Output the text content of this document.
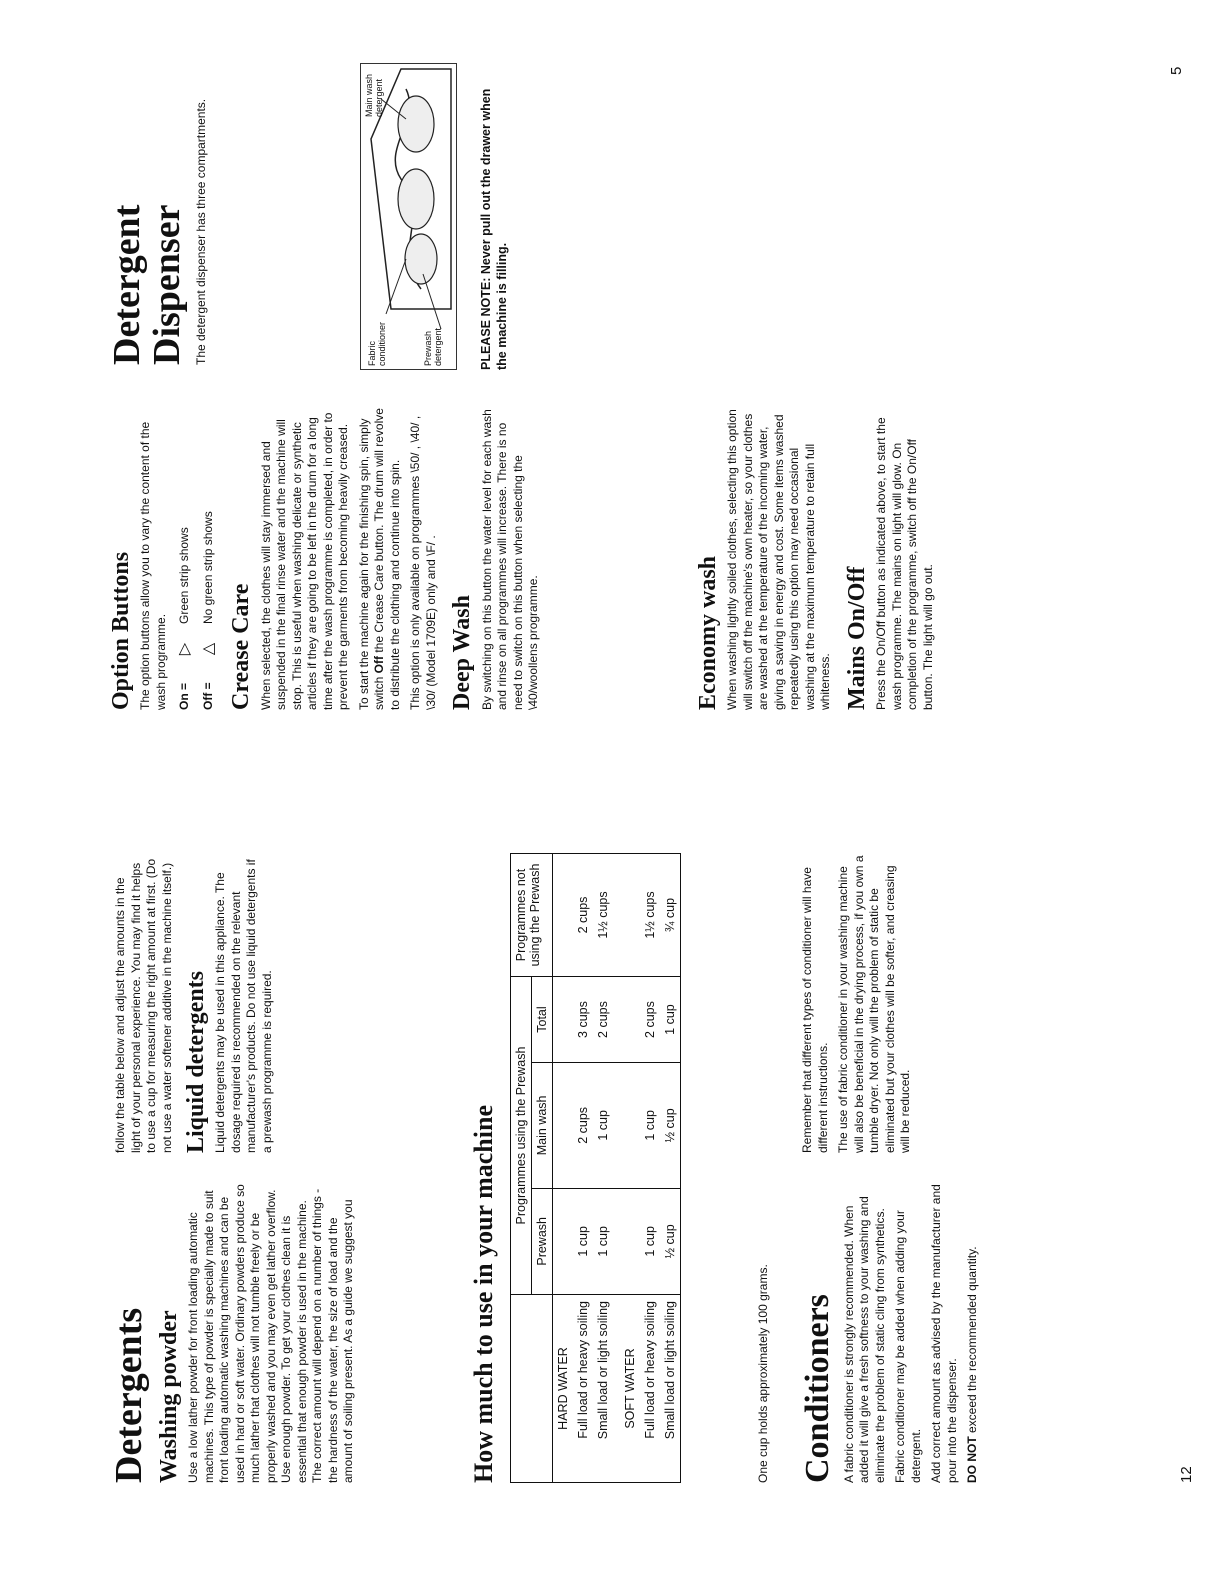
Detergents Washing powder Use a low lather powder for front loading automatic machines. This type of powder is specially made to suit front loading automatic washing machines and can be used in hard or soft water. Ordinary powders produce so much lather that clothes will not tumble freely or be properly washed and you may even get lather overflow. Use enough powder. To get your clothes clean it is essential that enough powder is used in the machine. The correct amount will depend on a number of things - the hardness of the water, the size of load and the amount of soiling present. As a guide we suggest you

follow the table below and adjust the amounts in the light of your personal experience. You may find it helps to use a cup for measuring the right amount at first. (Do not use a water softener additive in the machine itself.) Liquid detergents Liquid detergents may be used in this appliance. The dosage required is recommended on the relevant manufacturer's products. Do not use liquid detergents if a prewash programme is required.

How much to use in your machine
	Programmes using the Prewash			Programmes not using the Prewash
	Prewash	Main wash	Total	
HARD WATER				
Full load or heavy soiling	1 cup	2 cups	3 cups	2 cups
Small load or light soiling	1 cup	1 cup	2 cups	1½ cups
SOFT WATER				
Full load or heavy soiling	1 cup	1 cup	2 cups	1½ cups
Small load or light soiling	½ cup	½ cup	1 cup	¾ cup

One cup holds approximately 100 grams. Conditioners A fabric conditioner is strongly recommended. When added it will give a fresh softness to your washing and eliminate the problem of static cling from synthetics. Fabric conditioner may be added when adding your detergent. Add correct amount as advised by the manufacturer and pour into the dispenser. DO NOT exceed the recommended quantity.

Remember that different types of conditioner will have different instructions. The use of fabric conditioner in your washing machine will also be beneficial in the drying process, if you own a tumble dryer. Not only will the problem of static be eliminated but your clothes will be softer, and creasing will be reduced.

12
Option Buttons The option buttons allow you to vary the content of the wash programme. On =
▷
Green strip shows
Off =
△
No green strip shows
Crease Care When selected, the clothes will stay immersed and suspended in the final rinse water and the machine will stop. This is useful when washing delicate or synthetic articles if they are going to be left in the drum for a long time after the wash programme is completed, in order to prevent the garments from becoming heavily creased. To start the machine again for the finishing spin, simply switch Off the Crease Care button. The drum will revolve to distribute the clothing and continue into spin. This option is only available on programmes \50/ , \40/ , \30/ (Model 1709E) only and \F/ . Deep Wash By switching on this button the water level for each wash and rinse on all programmes will increase. There is no need to switch on this button when selecting the \40/woollens programme.	Economy wash When washing lightly soiled clothes, selecting this option will switch off the machine's own heater, so your clothes are washed at the temperature of the incoming water, giving a saving in energy and cost. Some items washed repeatedly using this option may need occasional washing at the maximum temperature to retain full whiteness. Mains On/Off Press the On/Off button as indicated above, to start the wash programme. The mains on light will glow. On completion of the programme, switch off the On/Off button. The light will go out.

Detergent Dispenser The detergent dispenser has three compartments.	Prewash detergent
Fabric conditioner
Main wash detergent	PLEASE NOTE: Never pull out the drawer when the machine is filling.

5
